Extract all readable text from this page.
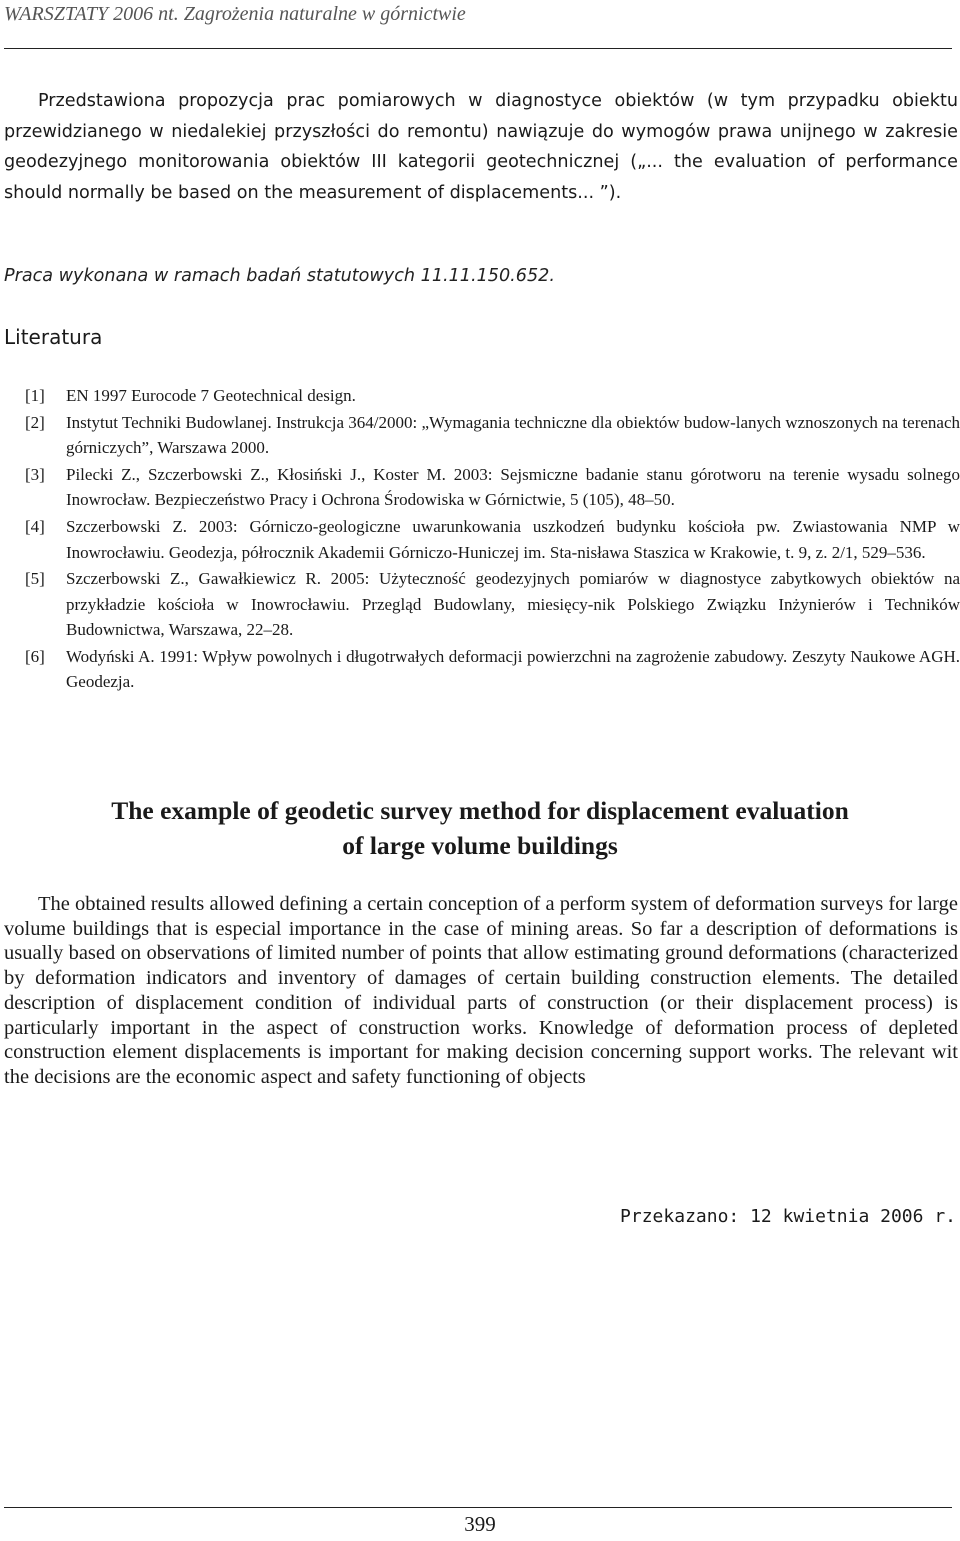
WARSZTATY 2006 nt. Zagrożenia naturalne w górnictwie

Przedstawiona propozycja prac pomiarowych w diagnostyce obiektów (w tym przypadku obiektu przewidzianego w niedalekiej przyszłości do remontu) nawiązuje do wymogów prawa unijnego w zakresie geodezyjnego monitorowania obiektów III kategorii geotechnicznej („... the evaluation of performance should normally be based on the measurement of displacements... ”).

Praca wykonana w ramach badań statutowych 11.11.150.652.
Literatura
[1] EN 1997 Eurocode 7 Geotechnical design.
[2] Instytut Techniki Budowlanej. Instrukcja 364/2000: „Wymagania techniczne dla obiektów budow-lanych wznoszonych na terenach górniczych”, Warszawa 2000.
[3] Pilecki Z., Szczerbowski Z., Kłosiński J., Koster M. 2003: Sejsmiczne badanie stanu górotworu na terenie wysadu solnego Inowrocław. Bezpieczeństwo Pracy i Ochrona Środowiska w Górnictwie, 5 (105), 48–50.
[4] Szczerbowski Z. 2003: Górniczo-geologiczne uwarunkowania uszkodzeń budynku kościoła pw. Zwiastowania NMP w Inowrocławiu. Geodezja, półrocznik Akademii Górniczo-Huniczej im. Sta-nisława Staszica w Krakowie, t. 9, z. 2/1, 529–536.
[5] Szczerbowski Z., Gawałkiewicz R. 2005: Użyteczność geodezyjnych pomiarów w diagnostyce zabytkowych obiektów na przykładzie kościoła w Inowrocławiu. Przegląd Budowlany, miesięcy-nik Polskiego Związku Inżynierów i Techników Budownictwa, Warszawa, 22–28.
[6] Wodyński A. 1991: Wpływ powolnych i długotrwałych deformacji powierzchni na zagrożenie zabudowy. Zeszyty Naukowe AGH. Geodezja.
The example of geodetic survey method for displacement evaluation
of large volume buildings

The obtained results allowed defining a certain conception of a perform system of deformation surveys for large volume buildings that is especial importance in the case of mining areas. So far a description of deformations is usually based on observations of limited number of points that allow estimating ground deformations (characterized by deformation indicators and inventory of damages of certain building construction elements. The detailed description of displacement condition of individual parts of construction (or their displacement process) is particularly important in the aspect of construction works. Knowledge of deformation process of depleted construction element displacements is important for making decision concerning support works. The relevant wit the decisions are the economic aspect and safety functioning of objects

Przekazano: 12 kwietnia 2006 r.
399
